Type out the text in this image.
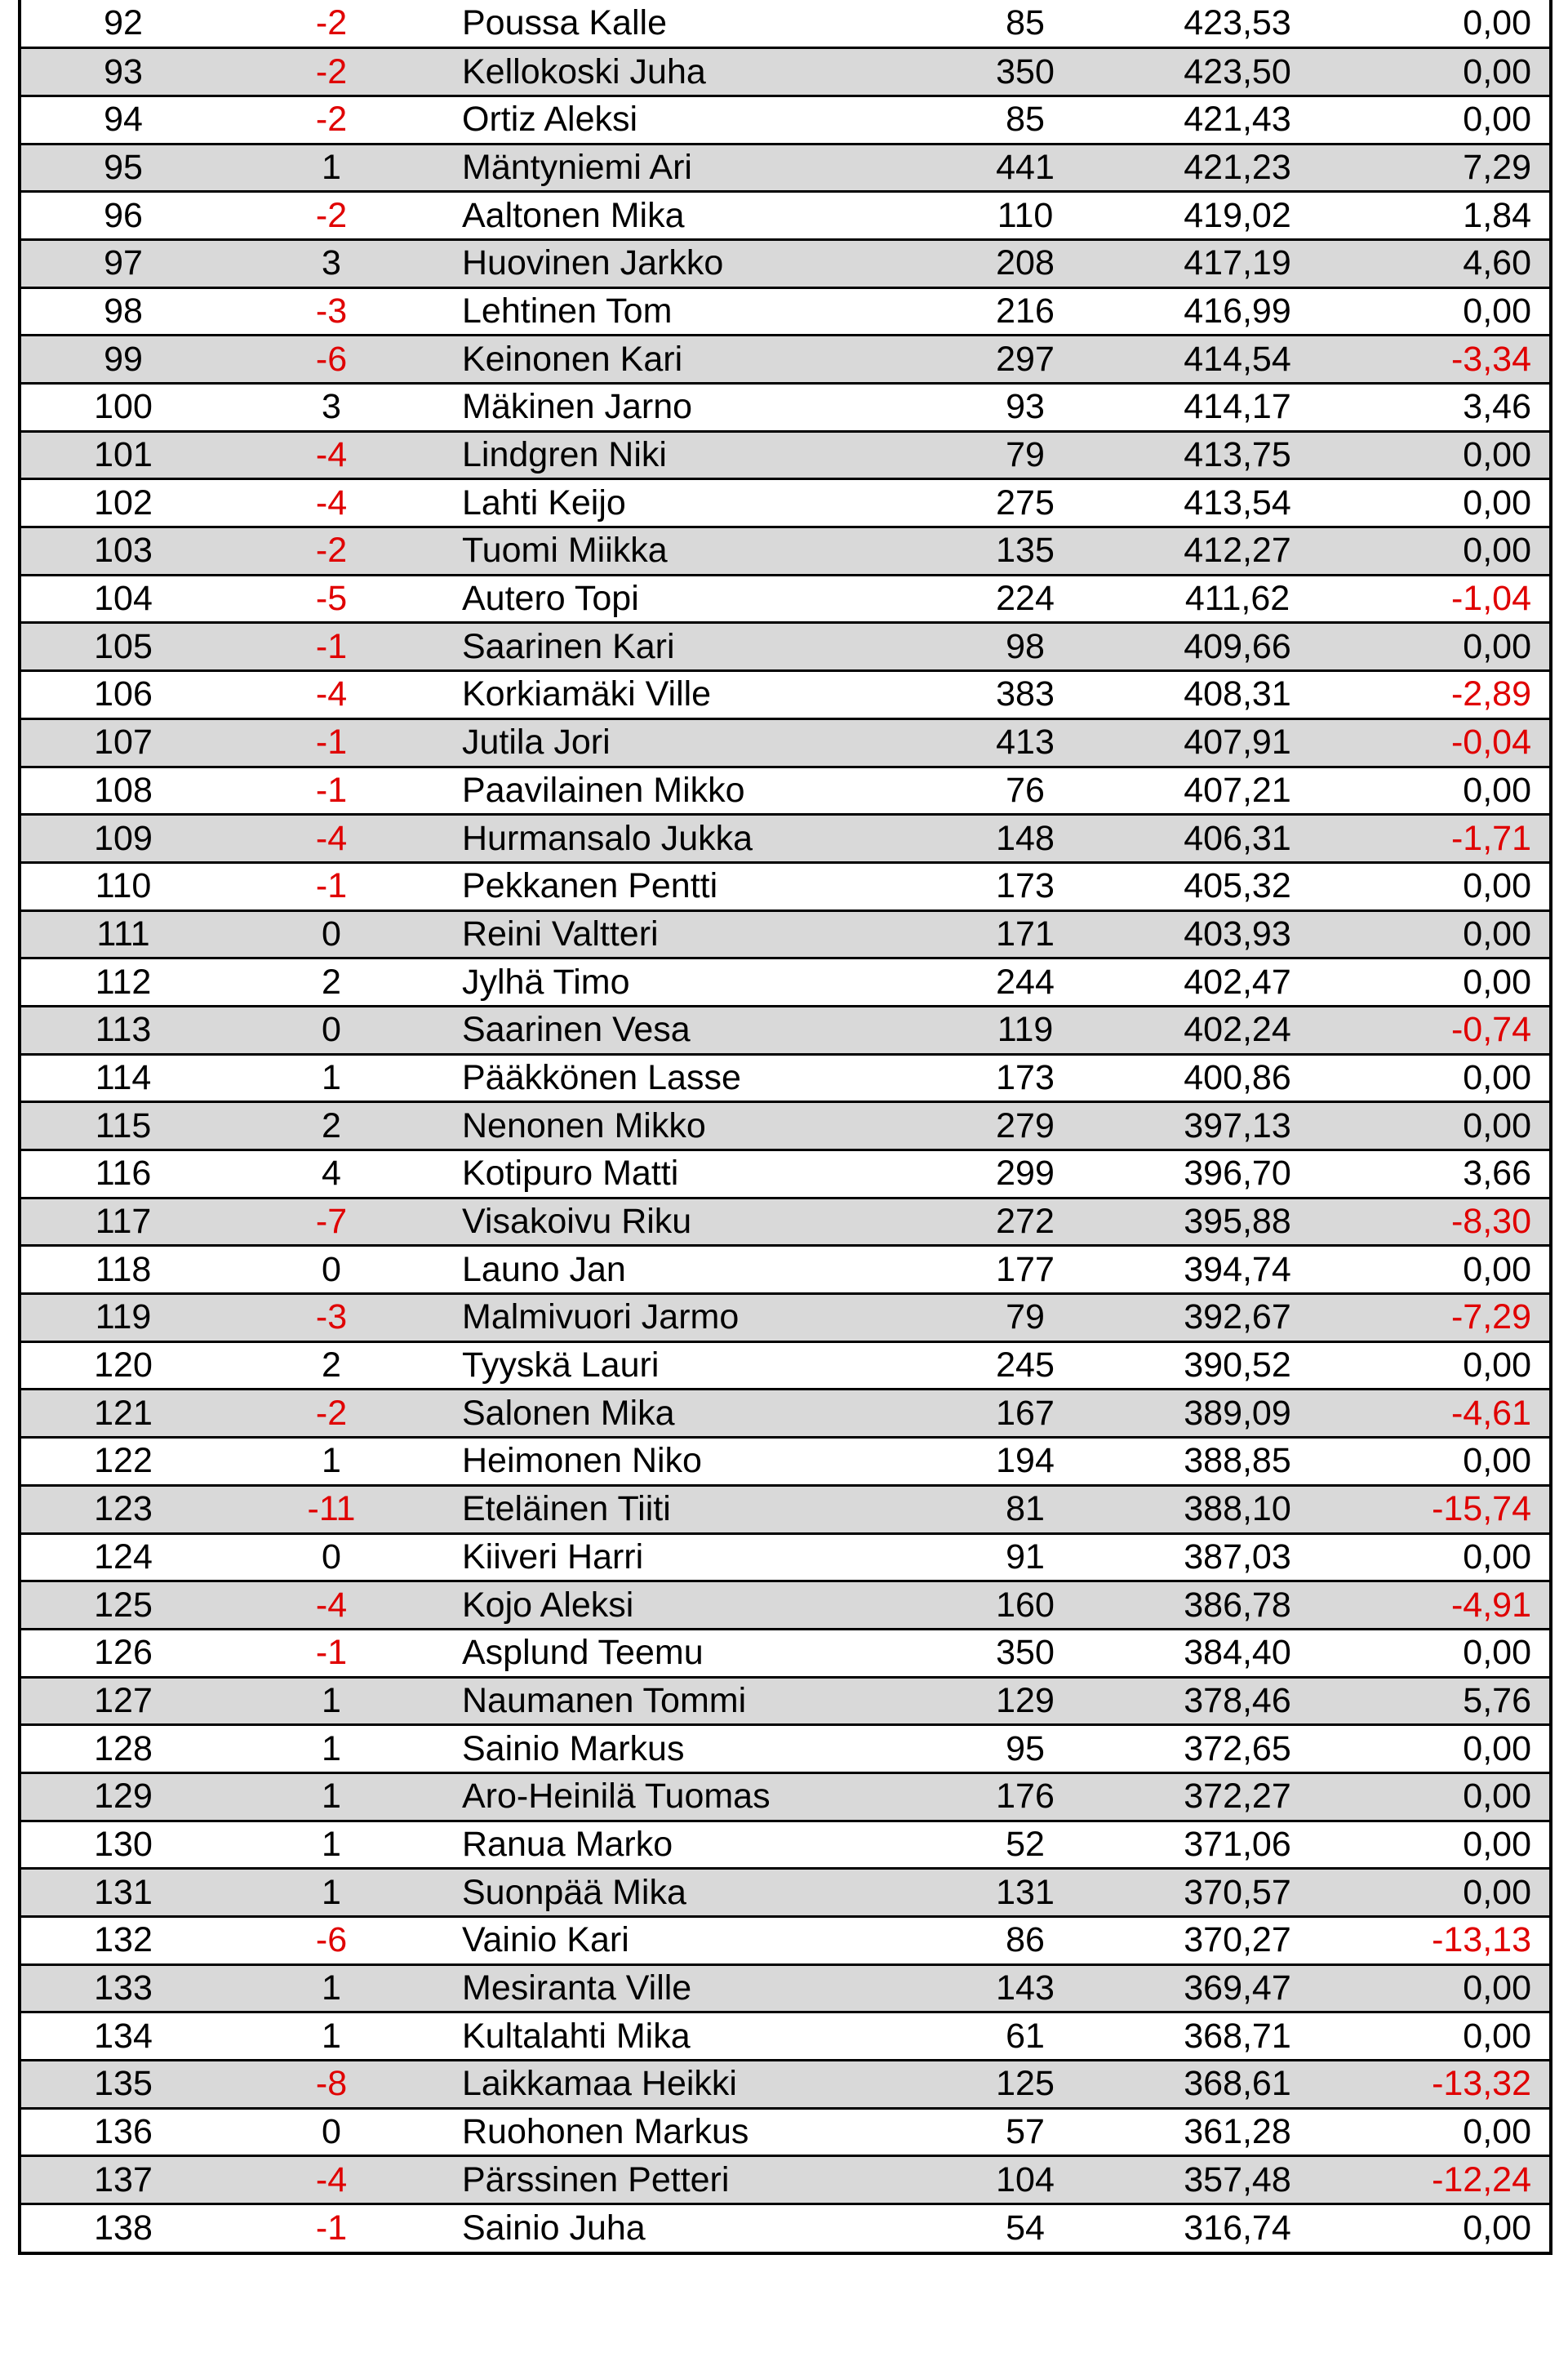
92	-2	Poussa Kalle	85	423,53	0,00
93	-2	Kellokoski Juha	350	423,50	0,00
94	-2	Ortiz Aleksi	85	421,43	0,00
95	1	Mäntyniemi Ari	441	421,23	7,29
96	-2	Aaltonen Mika	110	419,02	1,84
97	3	Huovinen Jarkko	208	417,19	4,60
98	-3	Lehtinen Tom	216	416,99	0,00
99	-6	Keinonen Kari	297	414,54	-3,34
100	3	Mäkinen Jarno	93	414,17	3,46
101	-4	Lindgren Niki	79	413,75	0,00
102	-4	Lahti Keijo	275	413,54	0,00
103	-2	Tuomi Miikka	135	412,27	0,00
104	-5	Autero Topi	224	411,62	-1,04
105	-1	Saarinen Kari	98	409,66	0,00
106	-4	Korkiamäki Ville	383	408,31	-2,89
107	-1	Jutila Jori	413	407,91	-0,04
108	-1	Paavilainen Mikko	76	407,21	0,00
109	-4	Hurmansalo Jukka	148	406,31	-1,71
110	-1	Pekkanen Pentti	173	405,32	0,00
111	0	Reini Valtteri	171	403,93	0,00
112	2	Jylhä Timo	244	402,47	0,00
113	0	Saarinen Vesa	119	402,24	-0,74
114	1	Pääkkönen Lasse	173	400,86	0,00
115	2	Nenonen Mikko	279	397,13	0,00
116	4	Kotipuro Matti	299	396,70	3,66
117	-7	Visakoivu Riku	272	395,88	-8,30
118	0	Launo Jan	177	394,74	0,00
119	-3	Malmivuori Jarmo	79	392,67	-7,29
120	2	Tyyskä Lauri	245	390,52	0,00
121	-2	Salonen Mika	167	389,09	-4,61
122	1	Heimonen Niko	194	388,85	0,00
123	-11	Eteläinen Tiiti	81	388,10	-15,74
124	0	Kiiveri Harri	91	387,03	0,00
125	-4	Kojo Aleksi	160	386,78	-4,91
126	-1	Asplund Teemu	350	384,40	0,00
127	1	Naumanen Tommi	129	378,46	5,76
128	1	Sainio Markus	95	372,65	0,00
129	1	Aro-Heinilä Tuomas	176	372,27	0,00
130	1	Ranua Marko	52	371,06	0,00
131	1	Suonpää Mika	131	370,57	0,00
132	-6	Vainio Kari	86	370,27	-13,13
133	1	Mesiranta Ville	143	369,47	0,00
134	1	Kultalahti Mika	61	368,71	0,00
135	-8	Laikkamaa Heikki	125	368,61	-13,32
136	0	Ruohonen Markus	57	361,28	0,00
137	-4	Pärssinen Petteri	104	357,48	-12,24
138	-1	Sainio Juha	54	316,74	0,00
